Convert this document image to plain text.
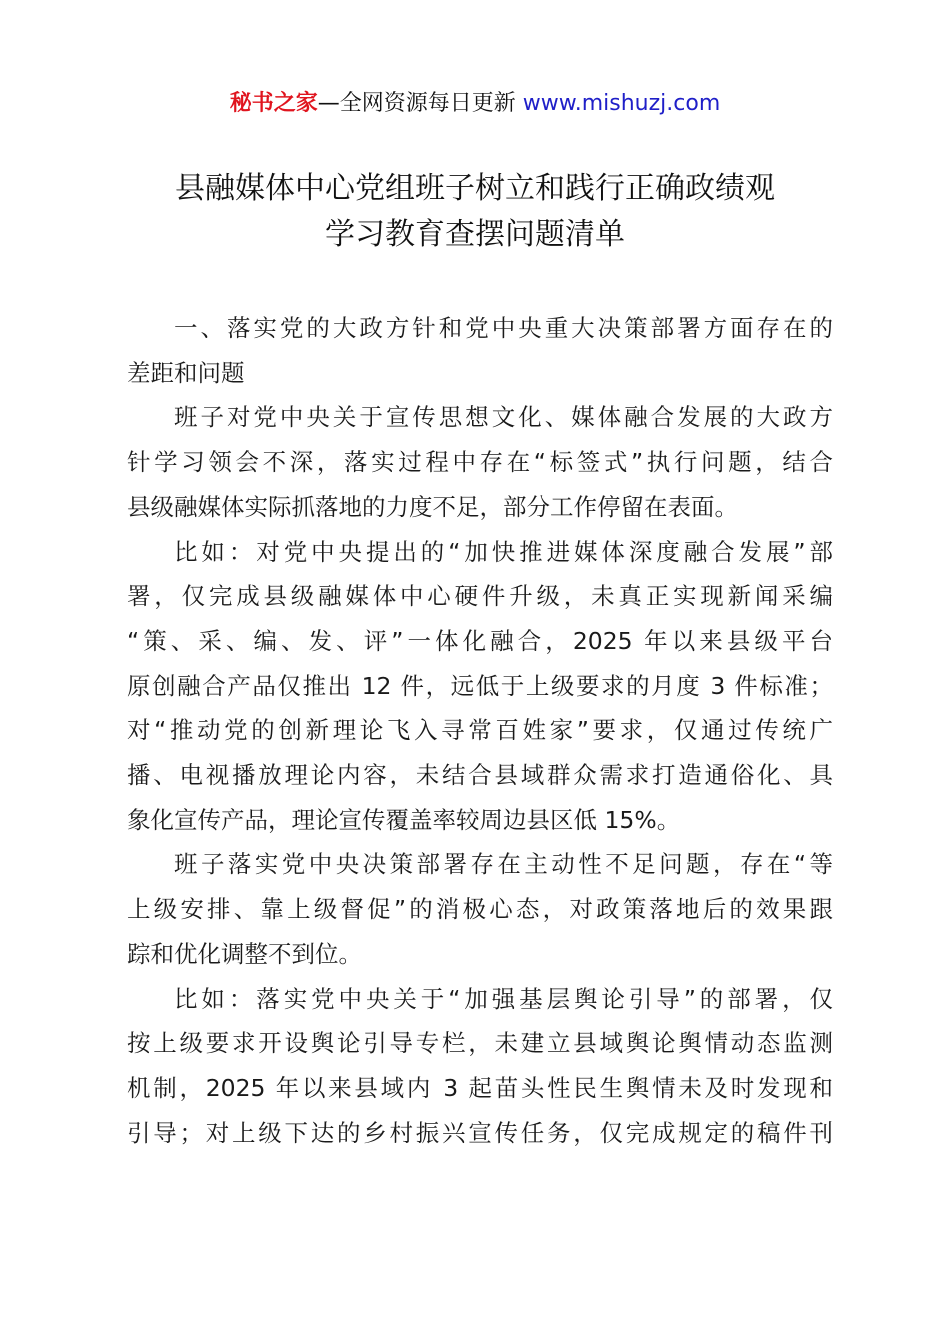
秘书之家—全网资源每日更新 www.mishuzj.com
县融媒体中心党组班子树立和践行正确政绩观
学习教育查摆问题清单
一、落实党的大政方针和党中央重大决策部署方面存在的
差距和问题
班子对党中央关于宣传思想文化、媒体融合发展的大政方
针学习领会不深，落实过程中存在“标签式”执行问题，结合
县级融媒体实际抓落地的力度不足，部分工作停留在表面。
比如：对党中央提出的“加快推进媒体深度融合发展”部
署，仅完成县级融媒体中心硬件升级，未真正实现新闻采编
“策、采、编、发、评”一体化融合，2025 年以来县级平台
原创融合产品仅推出 12 件，远低于上级要求的月度 3 件标准；
对“推动党的创新理论飞入寻常百姓家”要求，仅通过传统广
播、电视播放理论内容，未结合县域群众需求打造通俗化、具
象化宣传产品，理论宣传覆盖率较周边县区低 15%。
班子落实党中央决策部署存在主动性不足问题，存在“等
上级安排、靠上级督促”的消极心态，对政策落地后的效果跟
踪和优化调整不到位。
比如：落实党中央关于“加强基层舆论引导”的部署，仅
按上级要求开设舆论引导专栏，未建立县域舆论舆情动态监测
机制，2025 年以来县域内 3 起苗头性民生舆情未及时发现和
引导；对上级下达的乡村振兴宣传任务，仅完成规定的稿件刊
